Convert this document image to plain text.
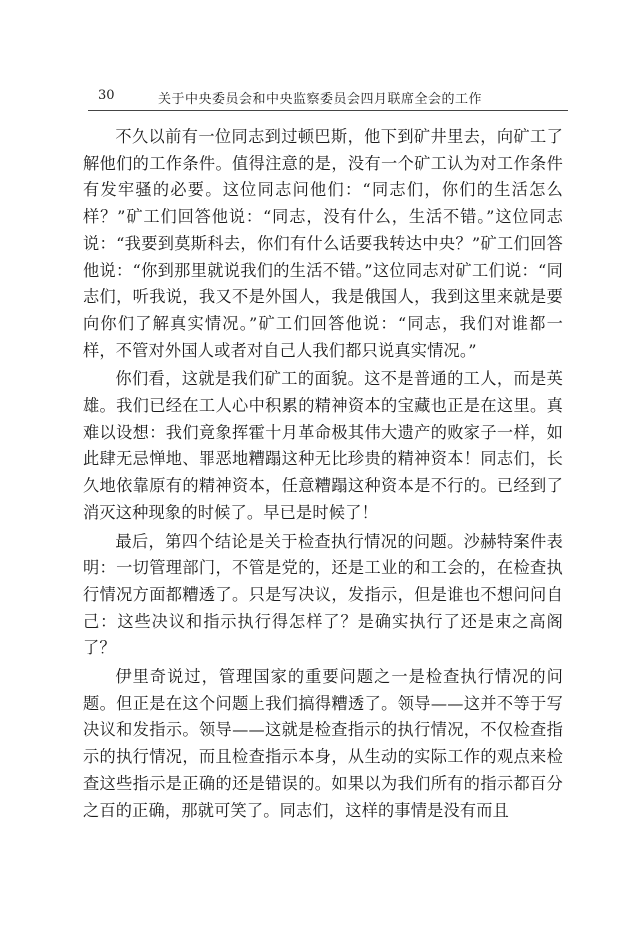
30	关于中央委员会和中央监察委员会四月联席全会的工作

不久以前有一位同志到过顿巴斯，他下到矿井里去，向矿工了解他们的工作条件。值得注意的是，没有一个矿工认为对工作条件有发牢骚的必要。这位同志问他们：“同志们，你们的生活怎么样？”矿工们回答他说：“同志，没有什么，生活不错。”这位同志说：“我要到莫斯科去，你们有什么话要我转达中央？”矿工们回答他说：“你到那里就说我们的生活不错。”这位同志对矿工们说：“同志们，听我说，我又不是外国人，我是俄国人，我到这里来就是要向你们了解真实情况。”矿工们回答他说：“同志，我们对谁都一样，不管对外国人或者对自己人我们都只说真实情况。”

你们看，这就是我们矿工的面貌。这不是普通的工人，而是英雄。我们已经在工人心中积累的精神资本的宝藏也正是在这里。真难以设想：我们竟象挥霍十月革命极其伟大遗产的败家子一样，如此肆无忌惮地、罪恶地糟蹋这种无比珍贵的精神资本！同志们，长久地依靠原有的精神资本，任意糟蹋这种资本是不行的。已经到了消灭这种现象的时候了。早已是时候了！

最后，第四个结论是关于检查执行情况的问题。沙赫特案件表明：一切管理部门，不管是党的，还是工业的和工会的，在检查执行情况方面都糟透了。只是写决议，发指示，但是谁也不想问问自己：这些决议和指示执行得怎样了？是确实执行了还是束之高阁了？

伊里奇说过，管理国家的重要问题之一是检查执行情况的问题。但正是在这个问题上我们搞得糟透了。领导——这并不等于写决议和发指示。领导——这就是检查指示的执行情况，不仅检查指示的执行情况，而且检查指示本身，从生动的实际工作的观点来检查这些指示是正确的还是错误的。如果以为我们所有的指示都百分之百的正确，那就可笑了。同志们，这样的事情是没有而且
